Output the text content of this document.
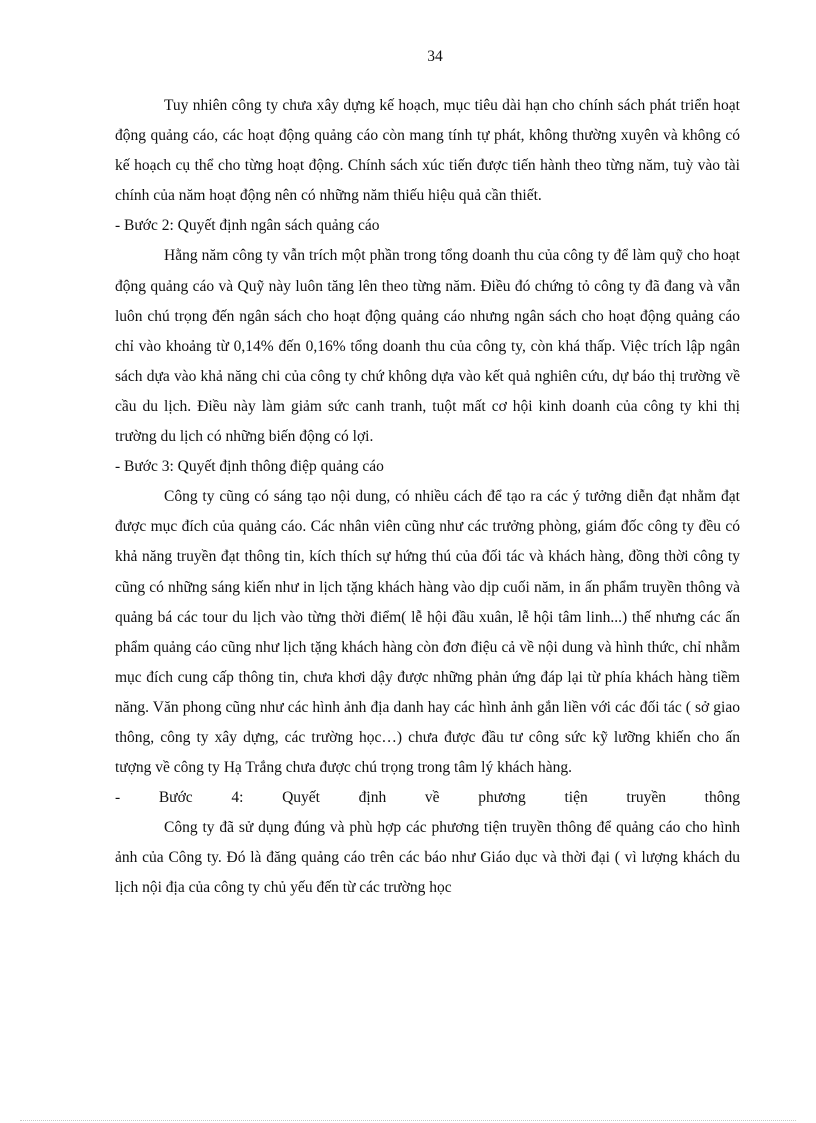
34

Tuy nhiên công ty chưa xây dựng kế hoạch, mục tiêu dài hạn cho chính sách phát triển hoạt động quảng cáo, các hoạt động quảng cáo còn mang tính tự phát, không thường xuyên và không có kế hoạch cụ thể cho từng hoạt động. Chính sách xúc tiến được tiến hành theo từng năm, tuỳ vào tài chính của năm hoạt động nên có những năm thiếu hiệu quả cần thiết.

- Bước 2: Quyết định ngân sách quảng cáo

Hằng năm công ty vẫn trích một phần trong tổng doanh thu của công ty để làm quỹ cho hoạt động quảng cáo và Quỹ này luôn tăng lên theo từng năm. Điều đó chứng tỏ công ty đã đang và vẫn luôn chú trọng đến ngân sách cho hoạt động quảng cáo nhưng ngân sách cho hoạt động quảng cáo chỉ vào khoảng từ 0,14% đến 0,16% tổng doanh thu của công ty, còn khá thấp. Việc trích lập ngân sách dựa vào khả năng chi của công ty chứ không dựa vào kết quả nghiên cứu, dự báo thị trường về cầu du lịch. Điều này làm giảm sức canh tranh, tuột mất cơ hội kinh doanh của công ty khi thị trường du lịch có những biến động có lợi.

- Bước 3: Quyết định thông điệp quảng cáo

Công ty cũng có sáng tạo nội dung, có nhiều cách để tạo ra các ý tưởng diễn đạt nhằm đạt được mục đích của quảng cáo. Các nhân viên cũng như các trưởng phòng, giám đốc công ty đều có khả năng truyền đạt thông tin, kích thích sự hứng thú của đối tác và khách hàng, đồng thời công ty cũng có những sáng kiến như in lịch tặng khách hàng vào dịp cuối năm, in ấn phẩm truyền thông và quảng bá các tour du lịch vào từng thời điểm( lễ hội đầu xuân, lễ hội tâm linh...) thế nhưng các ấn phẩm quảng cáo cũng như lịch tặng khách hàng còn đơn điệu cả về nội dung và hình thức, chỉ nhằm mục đích cung cấp thông tin, chưa khơi dậy được những phản ứng đáp lại từ phía khách hàng tiềm năng. Văn phong cũng như các hình ảnh địa danh hay các hình ảnh gắn liền với các đối tác ( sở giao thông, công ty xây dựng, các trường học…) chưa được đầu tư công sức kỹ lưỡng khiến cho ấn tượng về công ty Hạ Trắng chưa được chú trọng trong tâm lý khách hàng.

- Bước 4: Quyết định về phương tiện truyền thông

Công ty đã sử dụng đúng và phù hợp các phương tiện truyền thông để quảng cáo cho hình ảnh của Công ty. Đó là đăng quảng cáo trên các báo như Giáo dục và thời đại ( vì lượng khách du lịch nội địa của công ty chủ yếu đến từ các trường học
